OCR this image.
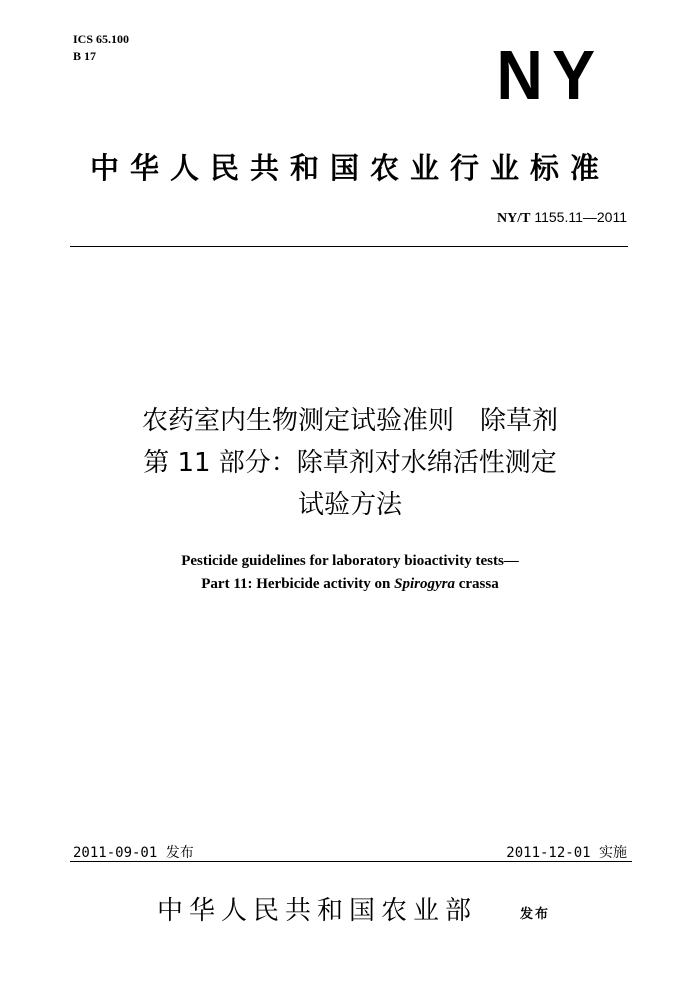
ICS 65.100
B 17	NY
中华人民共和国农业行业标准
NY/T 1155.11—2011
农药室内生物测定试验准则　除草剂
第 11 部分：除草剂对水绵活性测定
试验方法
Pesticide guidelines for laboratory bioactivity tests—
Part 11: Herbicide activity on Spirogyra crassa
2011-09-01 发布	2011-12-01 实施
中华人民共和国农业部	发布
